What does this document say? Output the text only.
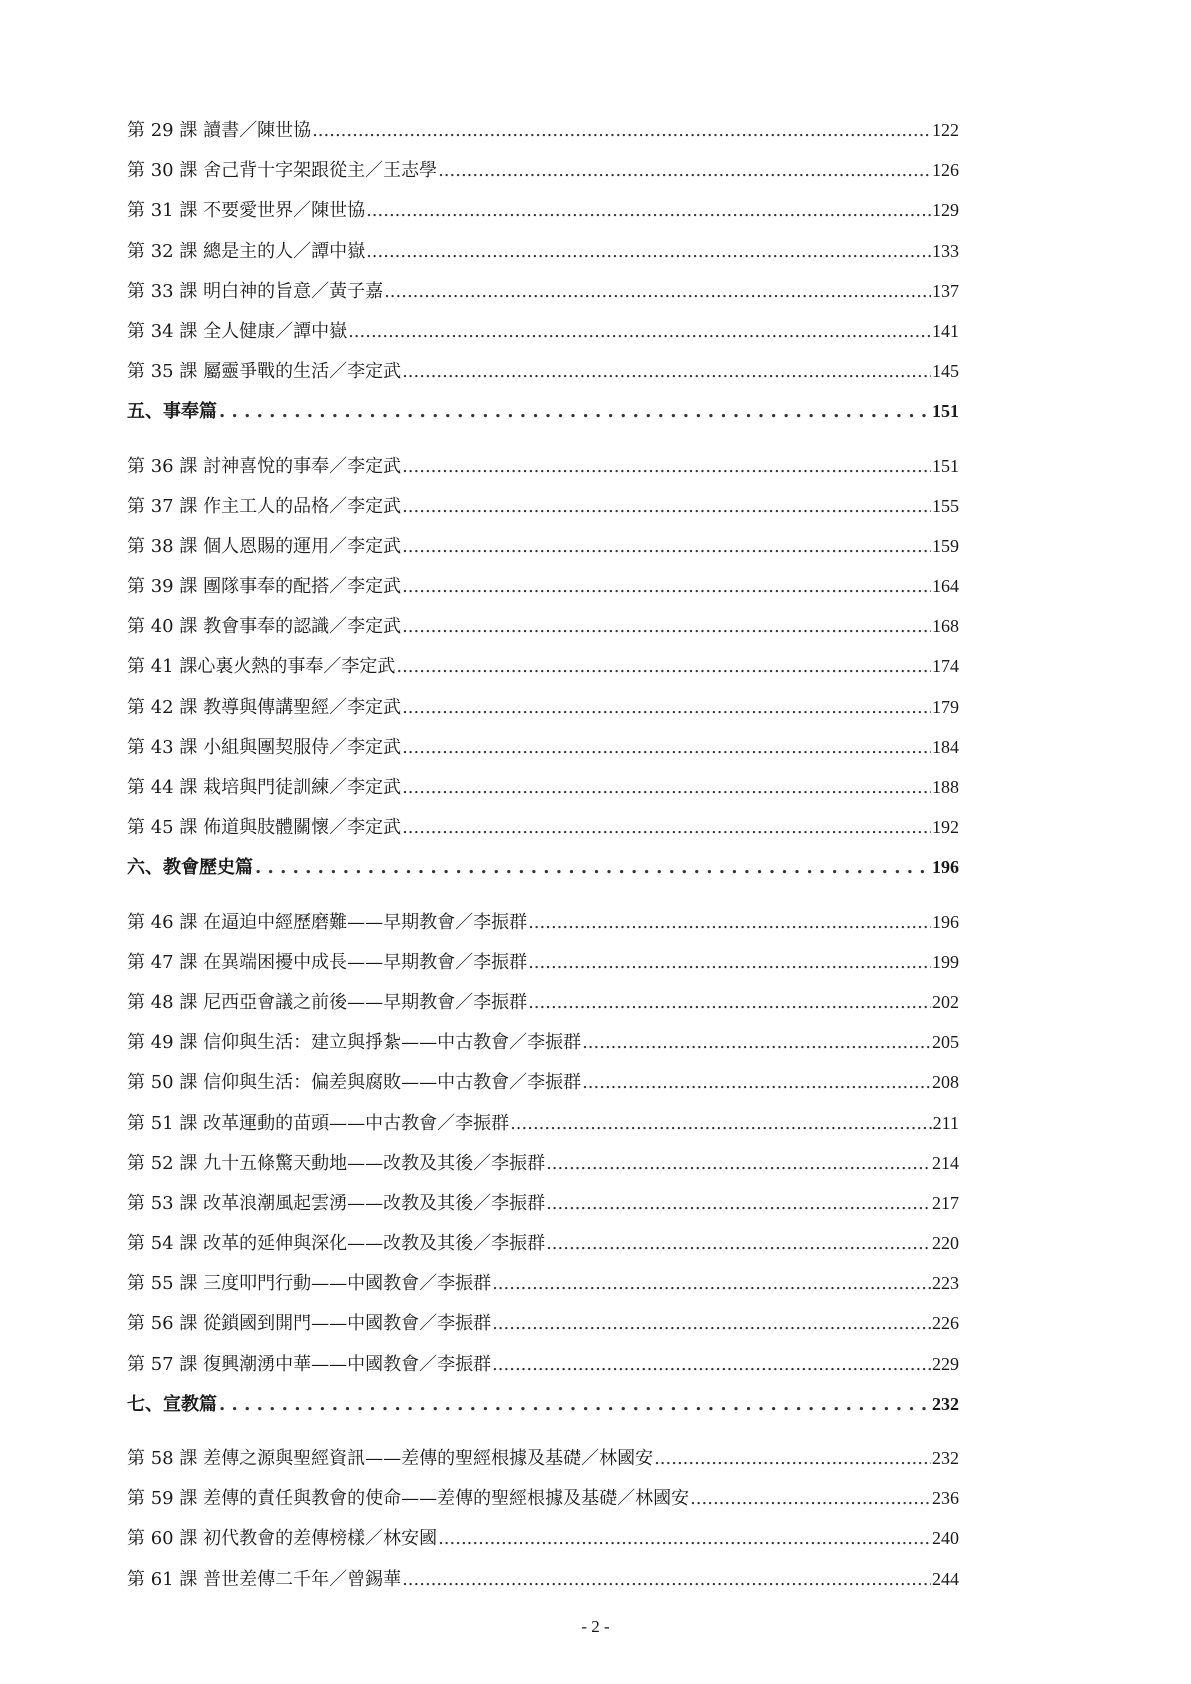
第 29 課 讀書／陳世協 .....	122
第 30 課 舍己背十字架跟從主／王志學 .....	126
第 31 課 不要愛世界／陳世協 .....	129
第 32 課 總是主的人／譚中嶽 .....	133
第 33 課 明白神的旨意／黃子嘉 .....	137
第 34 課 全人健康／譚中嶽 .....	141
第 35 課 屬靈爭戰的生活／李定武 .....	145
五、事奉篇 . . .	151
第 36 課 討神喜悅的事奉／李定武 .....	151
第 37 課 作主工人的品格／李定武 .....	155
第 38 課 個人恩賜的運用／李定武 .....	159
第 39 課 團隊事奉的配搭／李定武 .....	164
第 40 課 教會事奉的認識／李定武 .....	168
第 41 課心裏火熱的事奉／李定武 .....	174
第 42 課 教導與傳講聖經／李定武 .....	179
第 43 課 小組與團契服侍／李定武 .....	184
第 44 課 栽培與門徒訓練／李定武 .....	188
第 45 課 佈道與肢體關懷／李定武 .....	192
六、教會歷史篇 . . .	196
第 46 課 在逼迫中經歷磨難——早期教會／李振群 .....	196
第 47 課 在異端困擾中成長——早期教會／李振群 .....	199
第 48 課 尼西亞會議之前後——早期教會／李振群 .....	202
第 49 課 信仰與生活：建立與掙紮——中古教會／李振群 .....	205
第 50 課 信仰與生活：偏差與腐敗——中古教會／李振群 .....	208
第 51 課 改革運動的苗頭——中古教會／李振群 .....	211
第 52 課 九十五條驚天動地——改教及其後／李振群 .....	214
第 53 課 改革浪潮風起雲湧——改教及其後／李振群 .....	217
第 54 課 改革的延伸與深化——改教及其後／李振群 .....	220
第 55 課 三度叩門行動——中國教會／李振群 .....	223
第 56 課 從鎖國到開門——中國教會／李振群 .....	226
第 57 課 復興潮湧中華——中國教會／李振群 .....	229
七、宣教篇 . . .	232
第 58 課 差傳之源與聖經資訊——差傳的聖經根據及基礎／林國安 .....	232
第 59 課 差傳的責任與教會的使命——差傳的聖經根據及基礎／林國安 .....	236
第 60 課 初代教會的差傳榜樣／林安國 .....	240
第 61 課 普世差傳二千年／曾錫華 .....	244
- 2 -
